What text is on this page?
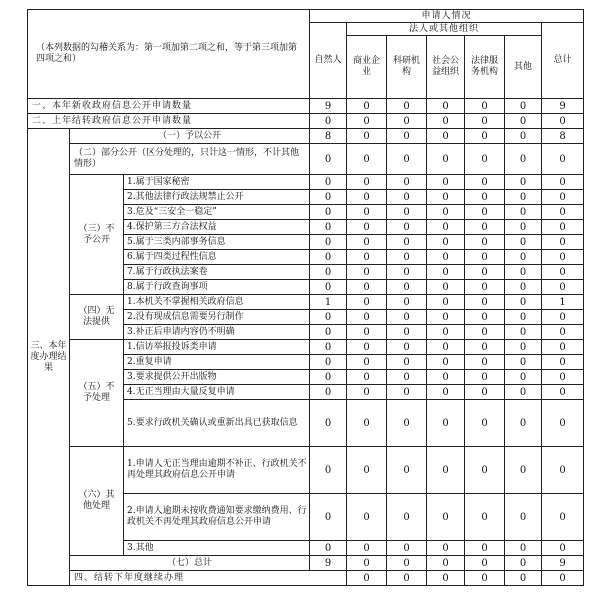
（本列数据的勾稽关系为：第一项加第二项之和，等于第三项加第四项之和）			申请人情况							
			自然人	法人或其他组织					总计	
				商业企业	科研机构	社会公益组织	法律服务机构	其他		
一、本年新收政府信息公开申请数量			9	0	0	0	0	0	9	
二、上年结转政府信息公开申请数量			0	0	0	0	0	0	0	
三、本年度办理结果	（一）予以公开		8	0	0	0	0	0	8	
	（二）部分公开（区分处理的，只计这一情形，不计其他情形）		0	0	0	0	0	0	0	
	（三）不予公开	1.属于国家秘密	0	0	0	0	0	0	0	
		2.其他法律行政法规禁止公开	0	0	0	0	0	0	0	
		3.危及“三安全一稳定”	0	0	0	0	0	0	0	
		4.保护第三方合法权益	0	0	0	0	0	0	0	
		5.属于三类内部事务信息	0	0	0	0	0	0	0	
		6.属于四类过程性信息	0	0	0	0	0	0	0	
		7.属于行政执法案卷	0	0	0	0	0	0	0	
		8.属于行政查询事项	0	0	0	0	0	0	0	
	（四）无法提供	1.本机关不掌握相关政府信息	1	0	0	0	0	0	1	
		2.没有现成信息需要另行制作	0	0	0	0	0	0	0	
		3.补正后申请内容仍不明确	0	0	0	0	0	0	0	
	（五）不予处理	1.信访举报投诉类申请	0	0	0	0	0	0	0	
		2.重复申请	0	0	0	0	0	0	0	
		3.要求提供公开出版物	0	0	0	0	0	0	0	
		4.无正当理由大量反复申请	0	0	0	0	0	0	0	
		5.要求行政机关确认或重新出具已获取信息	0	0	0	0	0	0	0	
	（六）其他处理	1.申请人无正当理由逾期不补正、行政机关不再处理其政府信息公开申请	0	0	0	0	0	0	0	
		2.申请人逾期未按收费通知要求缴纳费用、行政机关不再处理其政府信息公开申请	0	0	0	0	0	0	0	
		3.其他	0	0	0	0	0	0	0	
	（七）总计		9	0	0	0	0	0	9	
	四、结转下年度继续办理			0	0	0	0	0	0	
